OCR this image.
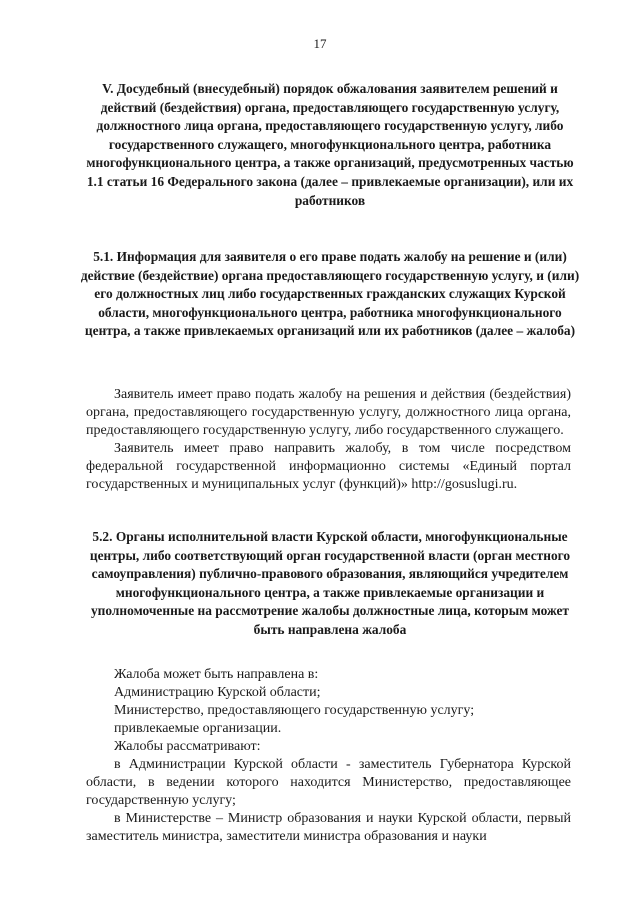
17
V. Досудебный (внесудебный) порядок обжалования заявителем решений и действий (бездействия) органа, предоставляющего государственную услугу, должностного лица органа, предоставляющего государственную услугу, либо государственного служащего, многофункционального центра, работника многофункционального центра, а также организаций, предусмотренных частью 1.1 статьи 16 Федерального закона (далее – привлекаемые организации), или их работников
5.1. Информация для заявителя о его праве подать жалобу на решение и (или) действие (бездействие) органа предоставляющего государственную услугу, и (или) его должностных лиц либо государственных гражданских служащих Курской области, многофункционального центра, работника многофункционального центра, а также привлекаемых организаций или их работников (далее – жалоба)

Заявитель имеет право подать жалобу на решения и действия (бездействия) органа, предоставляющего государственную услугу, должностного лица органа, предоставляющего государственную услугу, либо государственного служащего.

Заявитель имеет право направить жалобу, в том числе посредством федеральной государственной информационно системы «Единый портал государственных и муниципальных услуг (функций)» http://gosuslugi.ru.

5.2. Органы исполнительной власти Курской области, многофункциональные центры, либо соответствующий орган государственной власти (орган местного самоуправления) публично-правового образования, являющийся учредителем многофункционального центра, а также привлекаемые организации и уполномоченные на рассмотрение жалобы должностные лица, которым может быть направлена жалоба

Жалоба может быть направлена в:

Администрацию Курской области;

Министерство, предоставляющего государственную услугу;

привлекаемые организации.

Жалобы рассматривают:

в Администрации Курской области - заместитель Губернатора Курской области, в ведении которого находится Министерство, предоставляющее государственную услугу;

в Министерстве – Министр образования и науки Курской области, первый заместитель министра, заместители министра образования и науки
